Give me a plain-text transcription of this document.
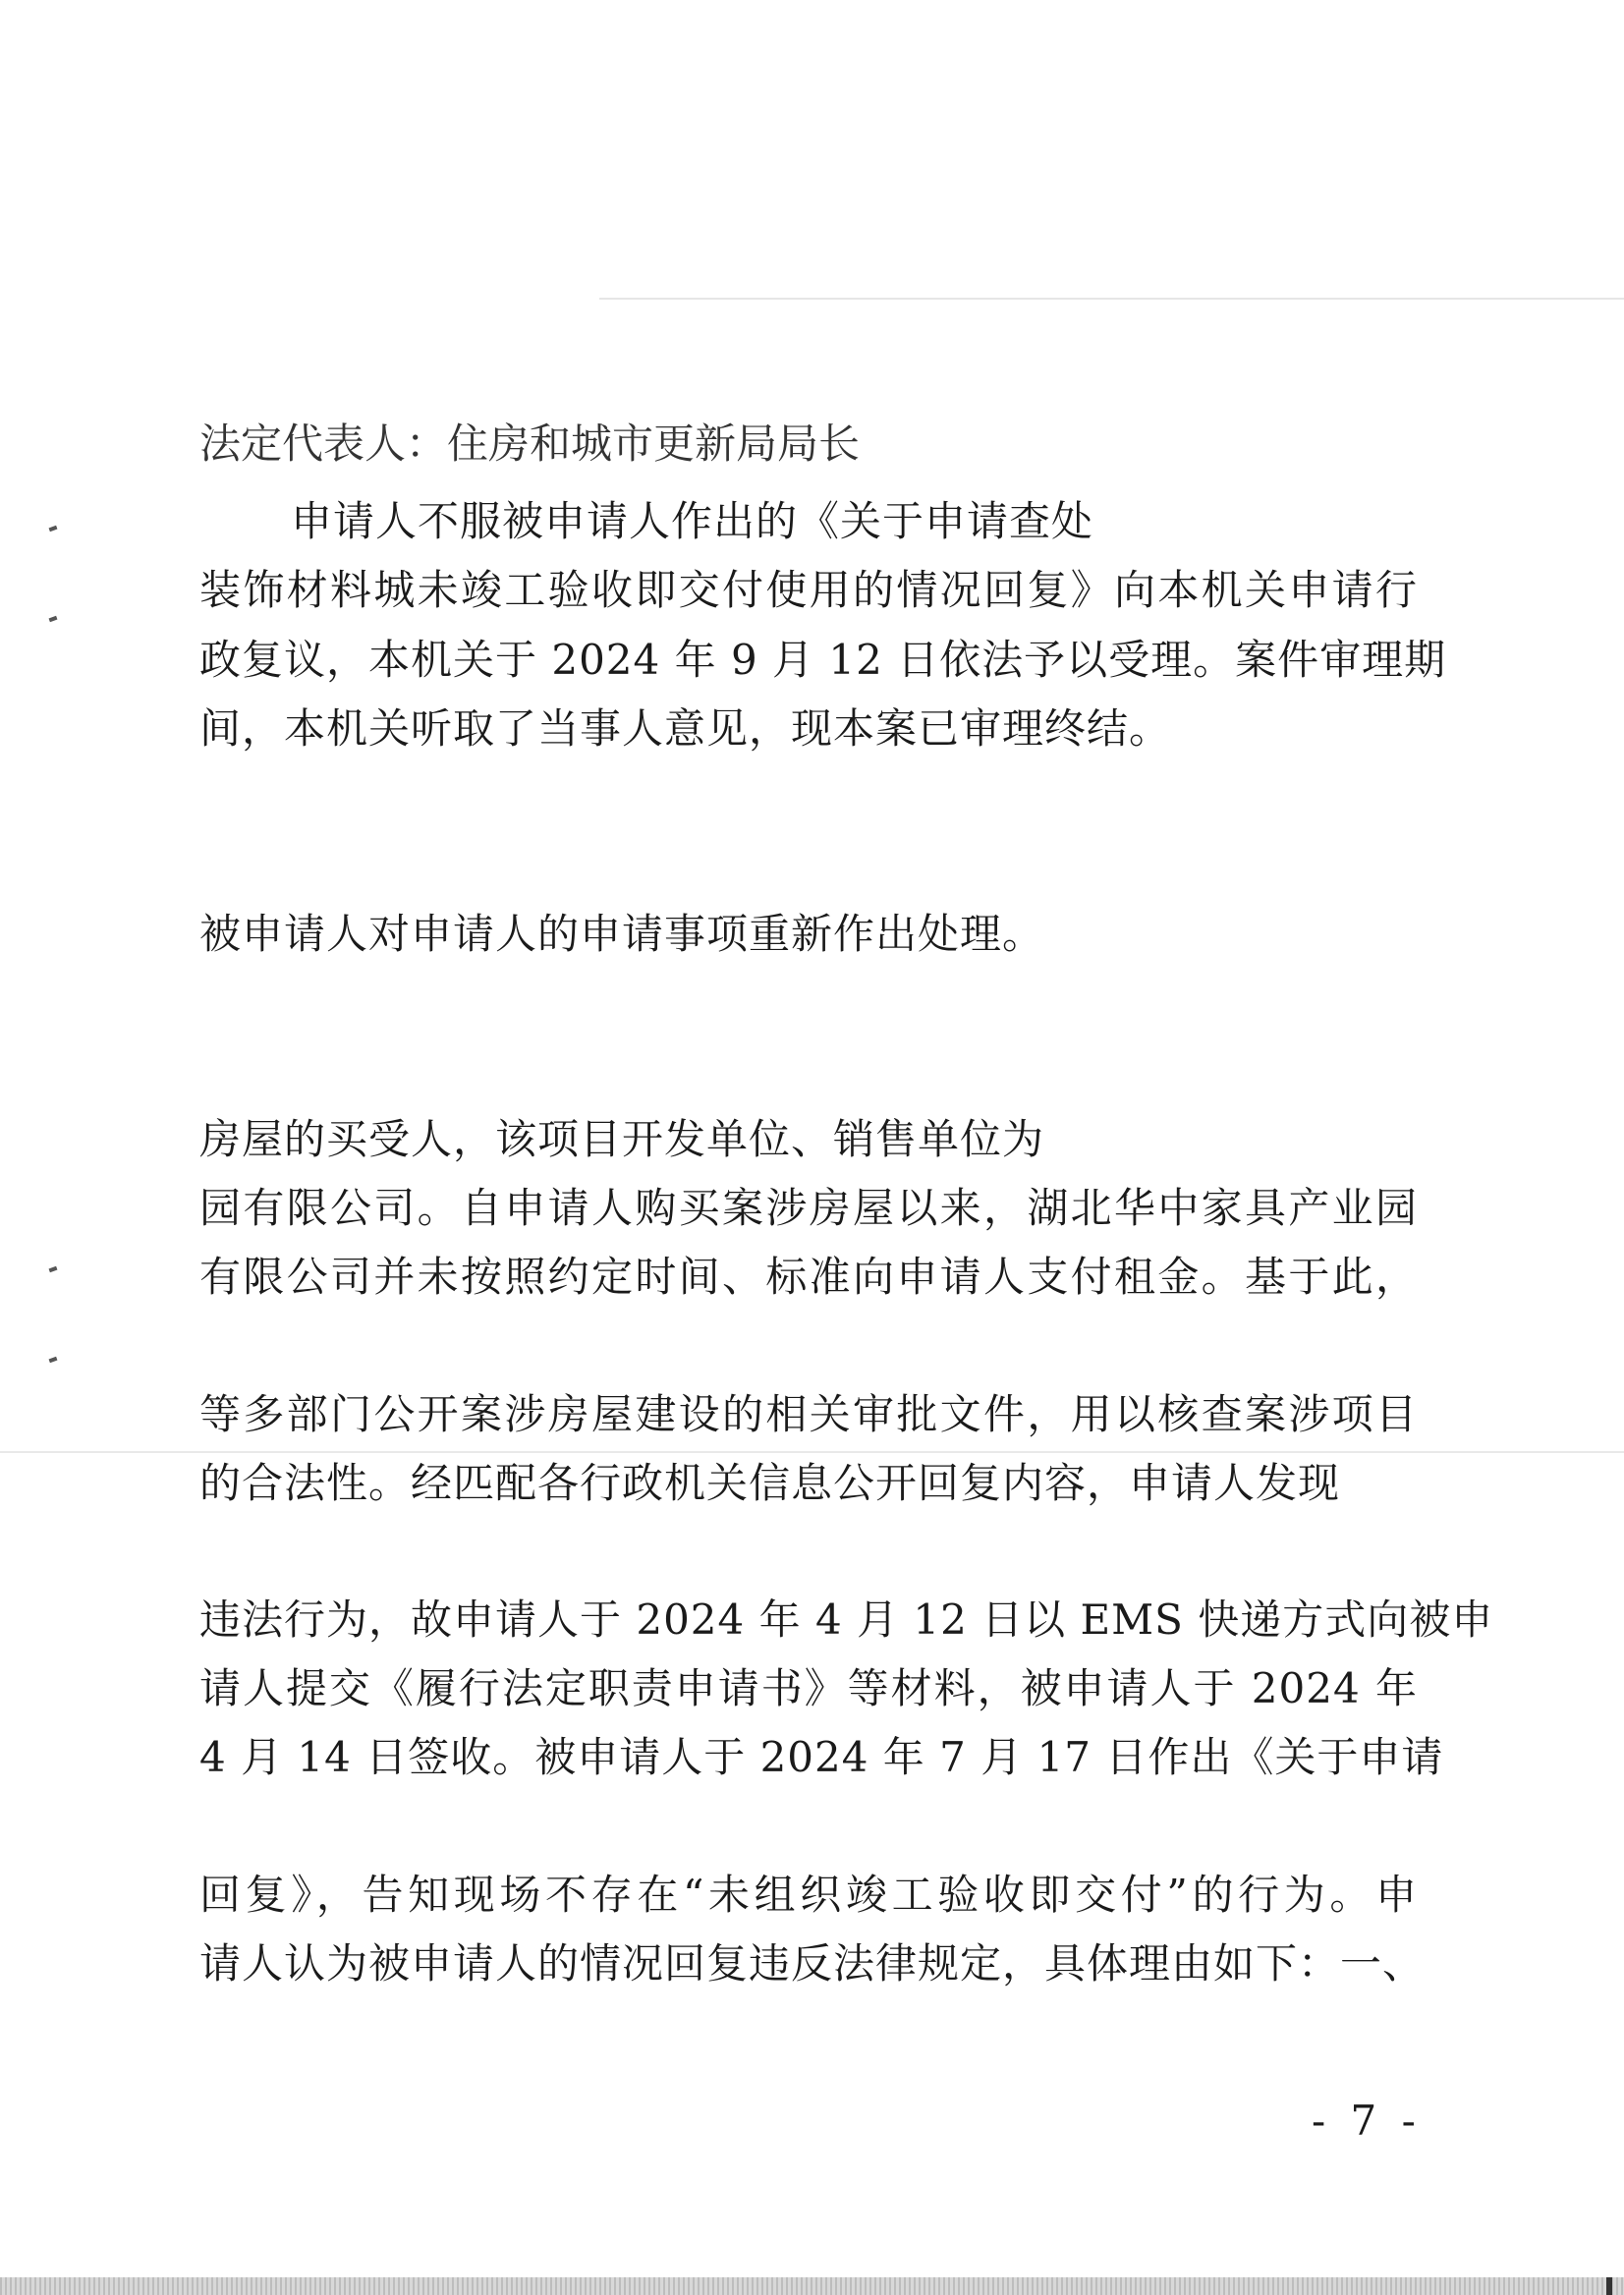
法定代表人：住房和城市更新局局长
申请人不服被申请人作出的《关于申请查处
装饰材料城未竣工验收即交付使用的情况回复》向本机关申请行
政复议，本机关于 2024 年 9 月 12 日依法予以受理。案件审理期
间，本机关听取了当事人意见，现本案已审理终结。
被申请人对申请人的申请事项重新作出处理。
房屋的买受人，该项目开发单位、销售单位为
园有限公司。自申请人购买案涉房屋以来，湖北华中家具产业园
有限公司并未按照约定时间、标准向申请人支付租金。基于此，
等多部门公开案涉房屋建设的相关审批文件，用以核查案涉项目
的合法性。经匹配各行政机关信息公开回复内容，申请人发现
违法行为，故申请人于 2024 年 4 月 12 日以 EMS 快递方式向被申
请人提交《履行法定职责申请书》等材料，被申请人于 2024 年
4 月 14 日签收。被申请人于 2024 年 7 月 17 日作出《关于申请
回复》，告知现场不存在“未组织竣工验收即交付”的行为。申
请人认为被申请人的情况回复违反法律规定，具体理由如下：一、
- 7 -
